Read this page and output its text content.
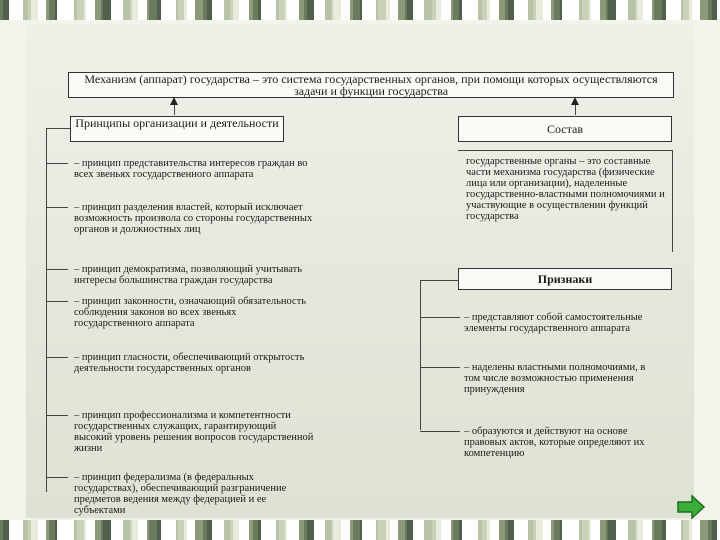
Механизм (аппарат) государства – это система государственных органов, при помощи которых осуществляются задачи и функции государства
Принципы организации и деятельности	Состав
– принцип представительства интересов граждан во всех звеньях государственного аппарата
– принцип разделения властей, который исключает возможность произвола со стороны государственных органов и должностных лиц
– принцип демократизма, позволяющий учитывать интересы большинства граждан государства
– принцип законности, означающий обязательность соблюдения законов во всех звеньях государственного аппарата
– принцип гласности, обеспечивающий открытость деятельности государственных органов
– принцип профессионализма и компетентности государственных служащих, гарантирующий высокий уровень решения вопросов государственной жизни
– принцип федерализма (в федеральных государствах), обеспечивающий разграничение предметов ведения между федерацией и ее субъектами
государственные органы – это составные части механизма государства (физические лица или организации), наделенные государственно-властными полномочиями и участвующие в осуществлении функций государства
Признаки
– представляют собой самостоятельные элементы государственного аппарата
– наделены властными полномочиями, в том числе возможностью применения принуждения
– образуются и действуют на основе правовых актов, которые определяют их компетенцию
